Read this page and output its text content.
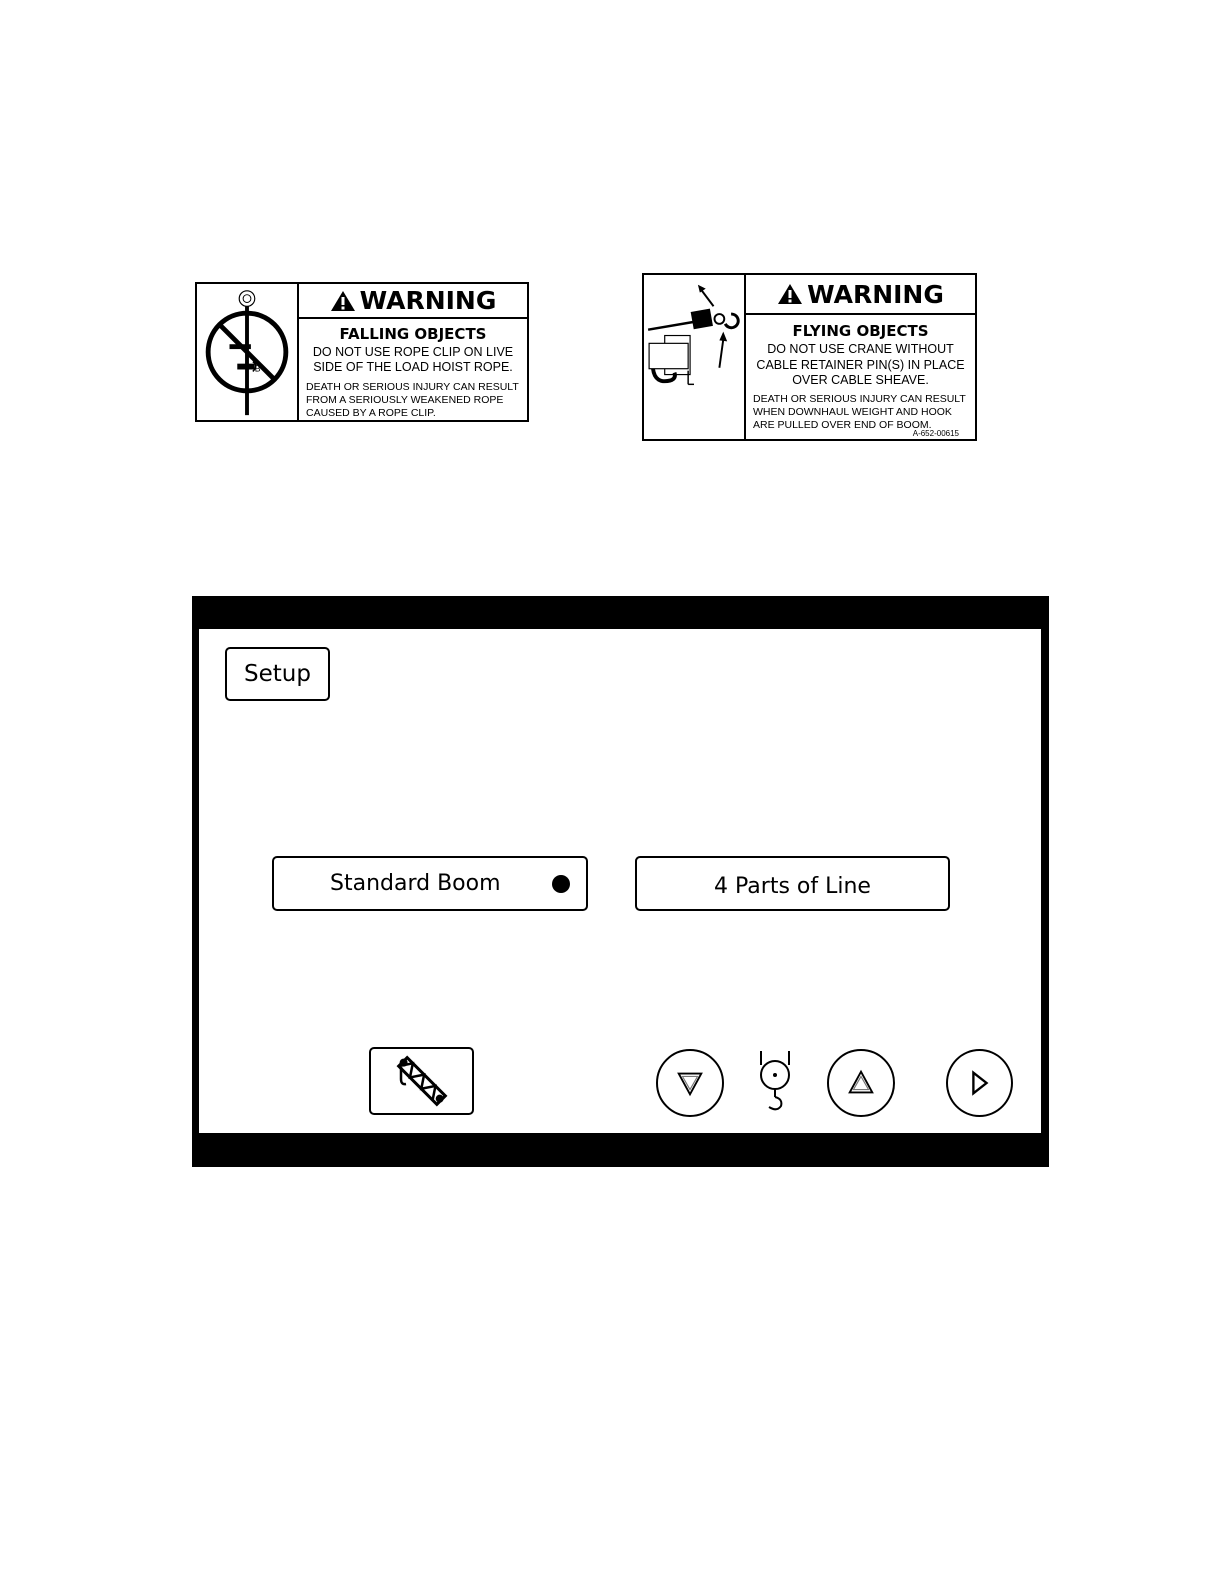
B
WARNING
FALLING OBJECTS
DO NOT USE ROPE CLIP ON LIVE
SIDE OF THE LOAD HOIST ROPE.
DEATH OR SERIOUS INJURY CAN RESULT
FROM A SERIOUSLY WEAKENED ROPE
CAUSED BY A ROPE CLIP.
WARNING
FLYING OBJECTS
DO NOT USE CRANE WITHOUT
CABLE RETAINER PIN(S) IN PLACE
OVER CABLE SHEAVE.
DEATH OR SERIOUS INJURY CAN RESULT
WHEN DOWNHAUL WEIGHT AND HOOK
ARE PULLED OVER END OF BOOM.
A-652-00615
Setup
Standard Boom	4 Parts of Line
